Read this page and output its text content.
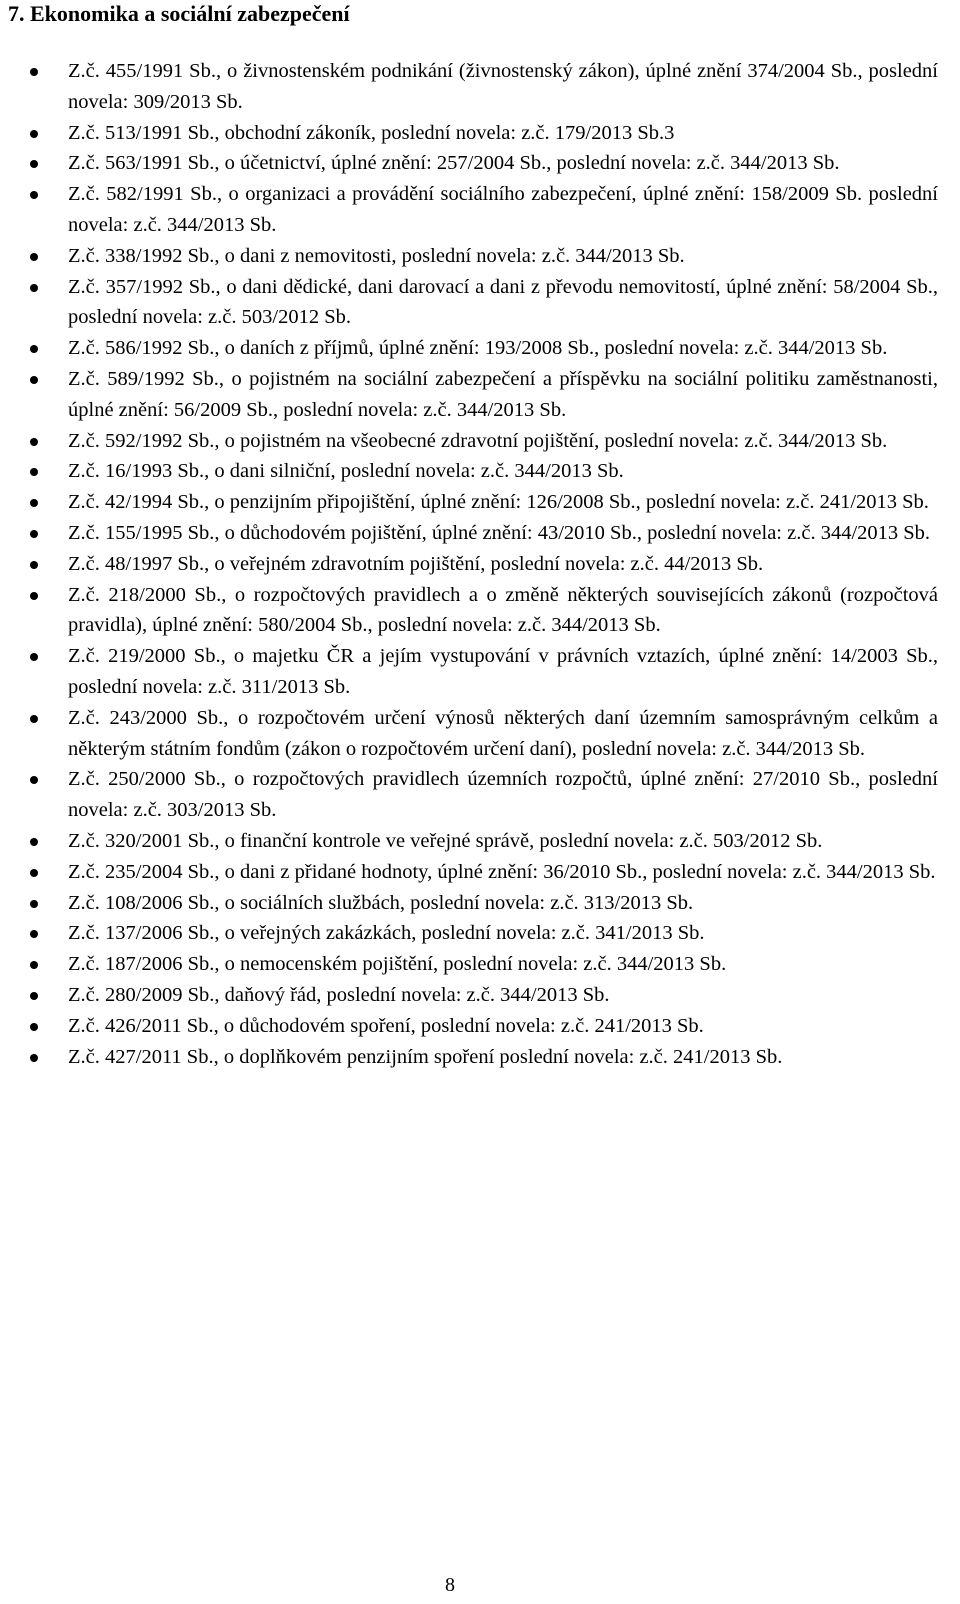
7. Ekonomika a sociální zabezpečení
Z.č. 455/1991 Sb., o živnostenském podnikání (živnostenský zákon), úplné znění 374/2004 Sb., poslední novela: 309/2013 Sb.
Z.č. 513/1991 Sb., obchodní zákoník, poslední novela: z.č. 179/2013 Sb.3
Z.č. 563/1991 Sb., o účetnictví, úplné znění: 257/2004 Sb., poslední novela: z.č. 344/2013 Sb.
Z.č. 582/1991 Sb., o organizaci a provádění sociálního zabezpečení, úplné znění: 158/2009 Sb. poslední novela: z.č. 344/2013 Sb.
Z.č. 338/1992 Sb., o dani z nemovitosti, poslední novela: z.č. 344/2013 Sb.
Z.č. 357/1992 Sb., o dani dědické, dani darovací a dani z převodu nemovitostí, úplné znění: 58/2004 Sb., poslední novela: z.č. 503/2012 Sb.
Z.č. 586/1992 Sb., o daních z příjmů, úplné znění: 193/2008 Sb., poslední novela: z.č. 344/2013 Sb.
Z.č. 589/1992 Sb., o pojistném na sociální zabezpečení a příspěvku na sociální politiku zaměstnanosti, úplné znění: 56/2009 Sb., poslední novela: z.č. 344/2013 Sb.
Z.č. 592/1992 Sb., o pojistném na všeobecné zdravotní pojištění, poslední novela: z.č. 344/2013 Sb.
Z.č. 16/1993 Sb., o dani silniční, poslední novela: z.č. 344/2013 Sb.
Z.č. 42/1994 Sb., o penzijním připojištění, úplné znění: 126/2008 Sb., poslední novela: z.č. 241/2013 Sb.
Z.č. 155/1995 Sb., o důchodovém pojištění, úplné znění: 43/2010 Sb., poslední novela: z.č. 344/2013 Sb.
Z.č. 48/1997 Sb., o veřejném zdravotním pojištění, poslední novela: z.č. 44/2013 Sb.
Z.č. 218/2000 Sb., o rozpočtových pravidlech a o změně některých souvisejících zákonů (rozpočtová pravidla), úplné znění: 580/2004 Sb., poslední novela: z.č. 344/2013 Sb.
Z.č. 219/2000 Sb., o majetku ČR a jejím vystupování v právních vztazích, úplné znění: 14/2003 Sb., poslední novela: z.č. 311/2013 Sb.
Z.č. 243/2000 Sb., o rozpočtovém určení výnosů některých daní územním samosprávným celkům a některým státním fondům (zákon o rozpočtovém určení daní), poslední novela: z.č. 344/2013 Sb.
Z.č. 250/2000 Sb., o rozpočtových pravidlech územních rozpočtů, úplné znění: 27/2010 Sb., poslední novela: z.č. 303/2013 Sb.
Z.č. 320/2001 Sb., o finanční kontrole ve veřejné správě, poslední novela: z.č. 503/2012 Sb.
Z.č. 235/2004 Sb., o dani z přidané hodnoty, úplné znění: 36/2010 Sb., poslední novela: z.č. 344/2013 Sb.
Z.č. 108/2006 Sb., o sociálních službách, poslední novela: z.č. 313/2013 Sb.
Z.č. 137/2006 Sb., o veřejných zakázkách, poslední novela: z.č. 341/2013 Sb.
Z.č. 187/2006 Sb., o nemocenském pojištění, poslední novela: z.č. 344/2013 Sb.
Z.č. 280/2009 Sb., daňový řád, poslední novela: z.č. 344/2013 Sb.
Z.č. 426/2011 Sb., o důchodovém spoření, poslední novela: z.č. 241/2013 Sb.
Z.č. 427/2011 Sb., o doplňkovém penzijním spoření poslední novela: z.č. 241/2013 Sb.
8
